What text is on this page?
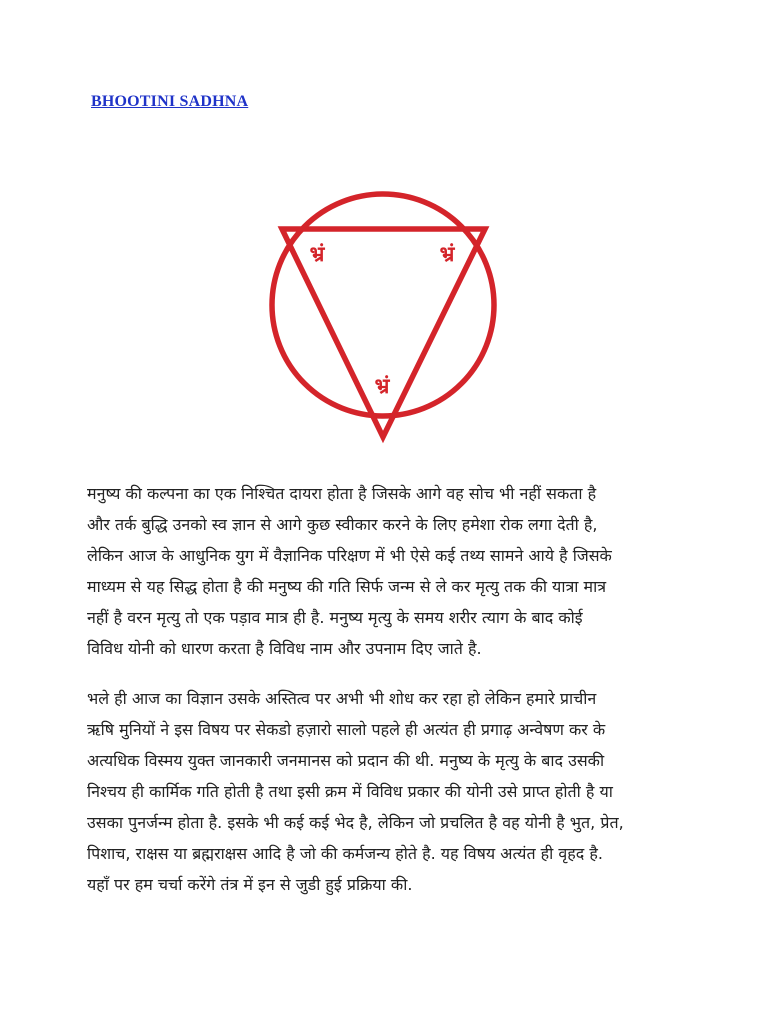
BHOOTINI SADHNA
भ्रं	भ्रं
भ्रं

मनुष्य की कल्पना का एक निश्चित दायरा होता है जिसके आगे वह सोच भी नहीं सकता है
और तर्क बुद्धि उनको स्व ज्ञान से आगे कुछ स्वीकार करने के लिए हमेशा रोक लगा देती है,
लेकिन आज के आधुनिक युग में वैज्ञानिक परिक्षण में भी ऐसे कई तथ्य सामने आये है जिसके
माध्यम से यह सिद्ध होता है की मनुष्य की गति सिर्फ जन्म से ले कर मृत्यु तक की यात्रा मात्र
नहीं है वरन मृत्यु तो एक पड़ाव मात्र ही है. मनुष्य मृत्यु के समय शरीर त्याग के बाद कोई
विविध योनी को धारण करता है विविध नाम और उपनाम दिए जाते है.

भले ही आज का विज्ञान उसके अस्तित्व पर अभी भी शोध कर रहा हो लेकिन हमारे प्राचीन
ऋषि मुनियों ने इस विषय पर सेकडो हज़ारो सालो पहले ही अत्यंत ही प्रगाढ़ अन्वेषण कर के
अत्यधिक विस्मय युक्त जानकारी जनमानस को प्रदान की थी. मनुष्य के मृत्यु के बाद उसकी
निश्चय ही कार्मिक गति होती है तथा इसी क्रम में विविध प्रकार की योनी उसे प्राप्त होती है या
उसका पुनर्जन्म होता है. इसके भी कई कई भेद है, लेकिन जो प्रचलित है वह योनी है भुत, प्रेत,
पिशाच, राक्षस या ब्रह्मराक्षस आदि है जो की कर्मजन्य होते है. यह विषय अत्यंत ही वृहद है.
यहाँ पर हम चर्चा करेंगे तंत्र में इन से जुडी हुई प्रक्रिया की.
